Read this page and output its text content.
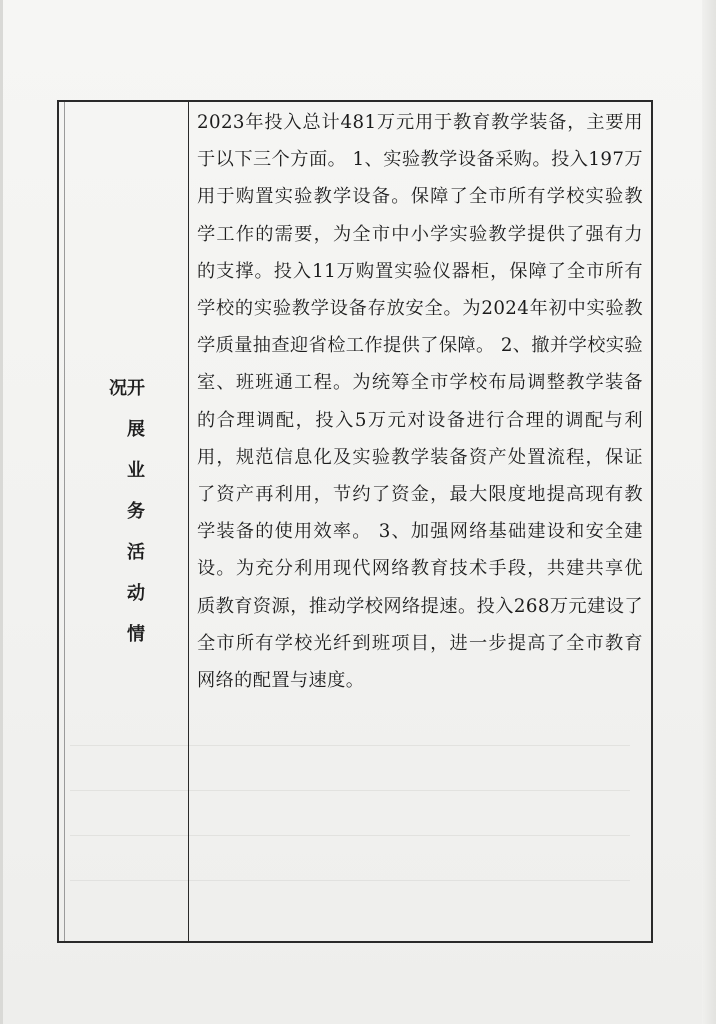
开展业务活动情况

2023年投入总计481万元用于教育教学装备，主要用于以下三个方面。 1、实验教学设备采购。投入197万用于购置实验教学设备。保障了全市所有学校实验教学工作的需要，为全市中小学实验教学提供了强有力的支撑。投入11万购置实验仪器柜，保障了全市所有学校的实验教学设备存放安全。为2024年初中实验教学质量抽查迎省检工作提供了保障。 2、撤并学校实验室、班班通工程。为统筹全市学校布局调整教学装备的合理调配，投入5万元对设备进行合理的调配与利用，规范信息化及实验教学装备资产处置流程，保证了资产再利用，节约了资金，最大限度地提高现有教学装备的使用效率。 3、加强网络基础建设和安全建设。为充分利用现代网络教育技术手段，共建共享优质教育资源，推动学校网络提速。投入268万元建设了全市所有学校光纤到班项目，进一步提高了全市教育网络的配置与速度。
